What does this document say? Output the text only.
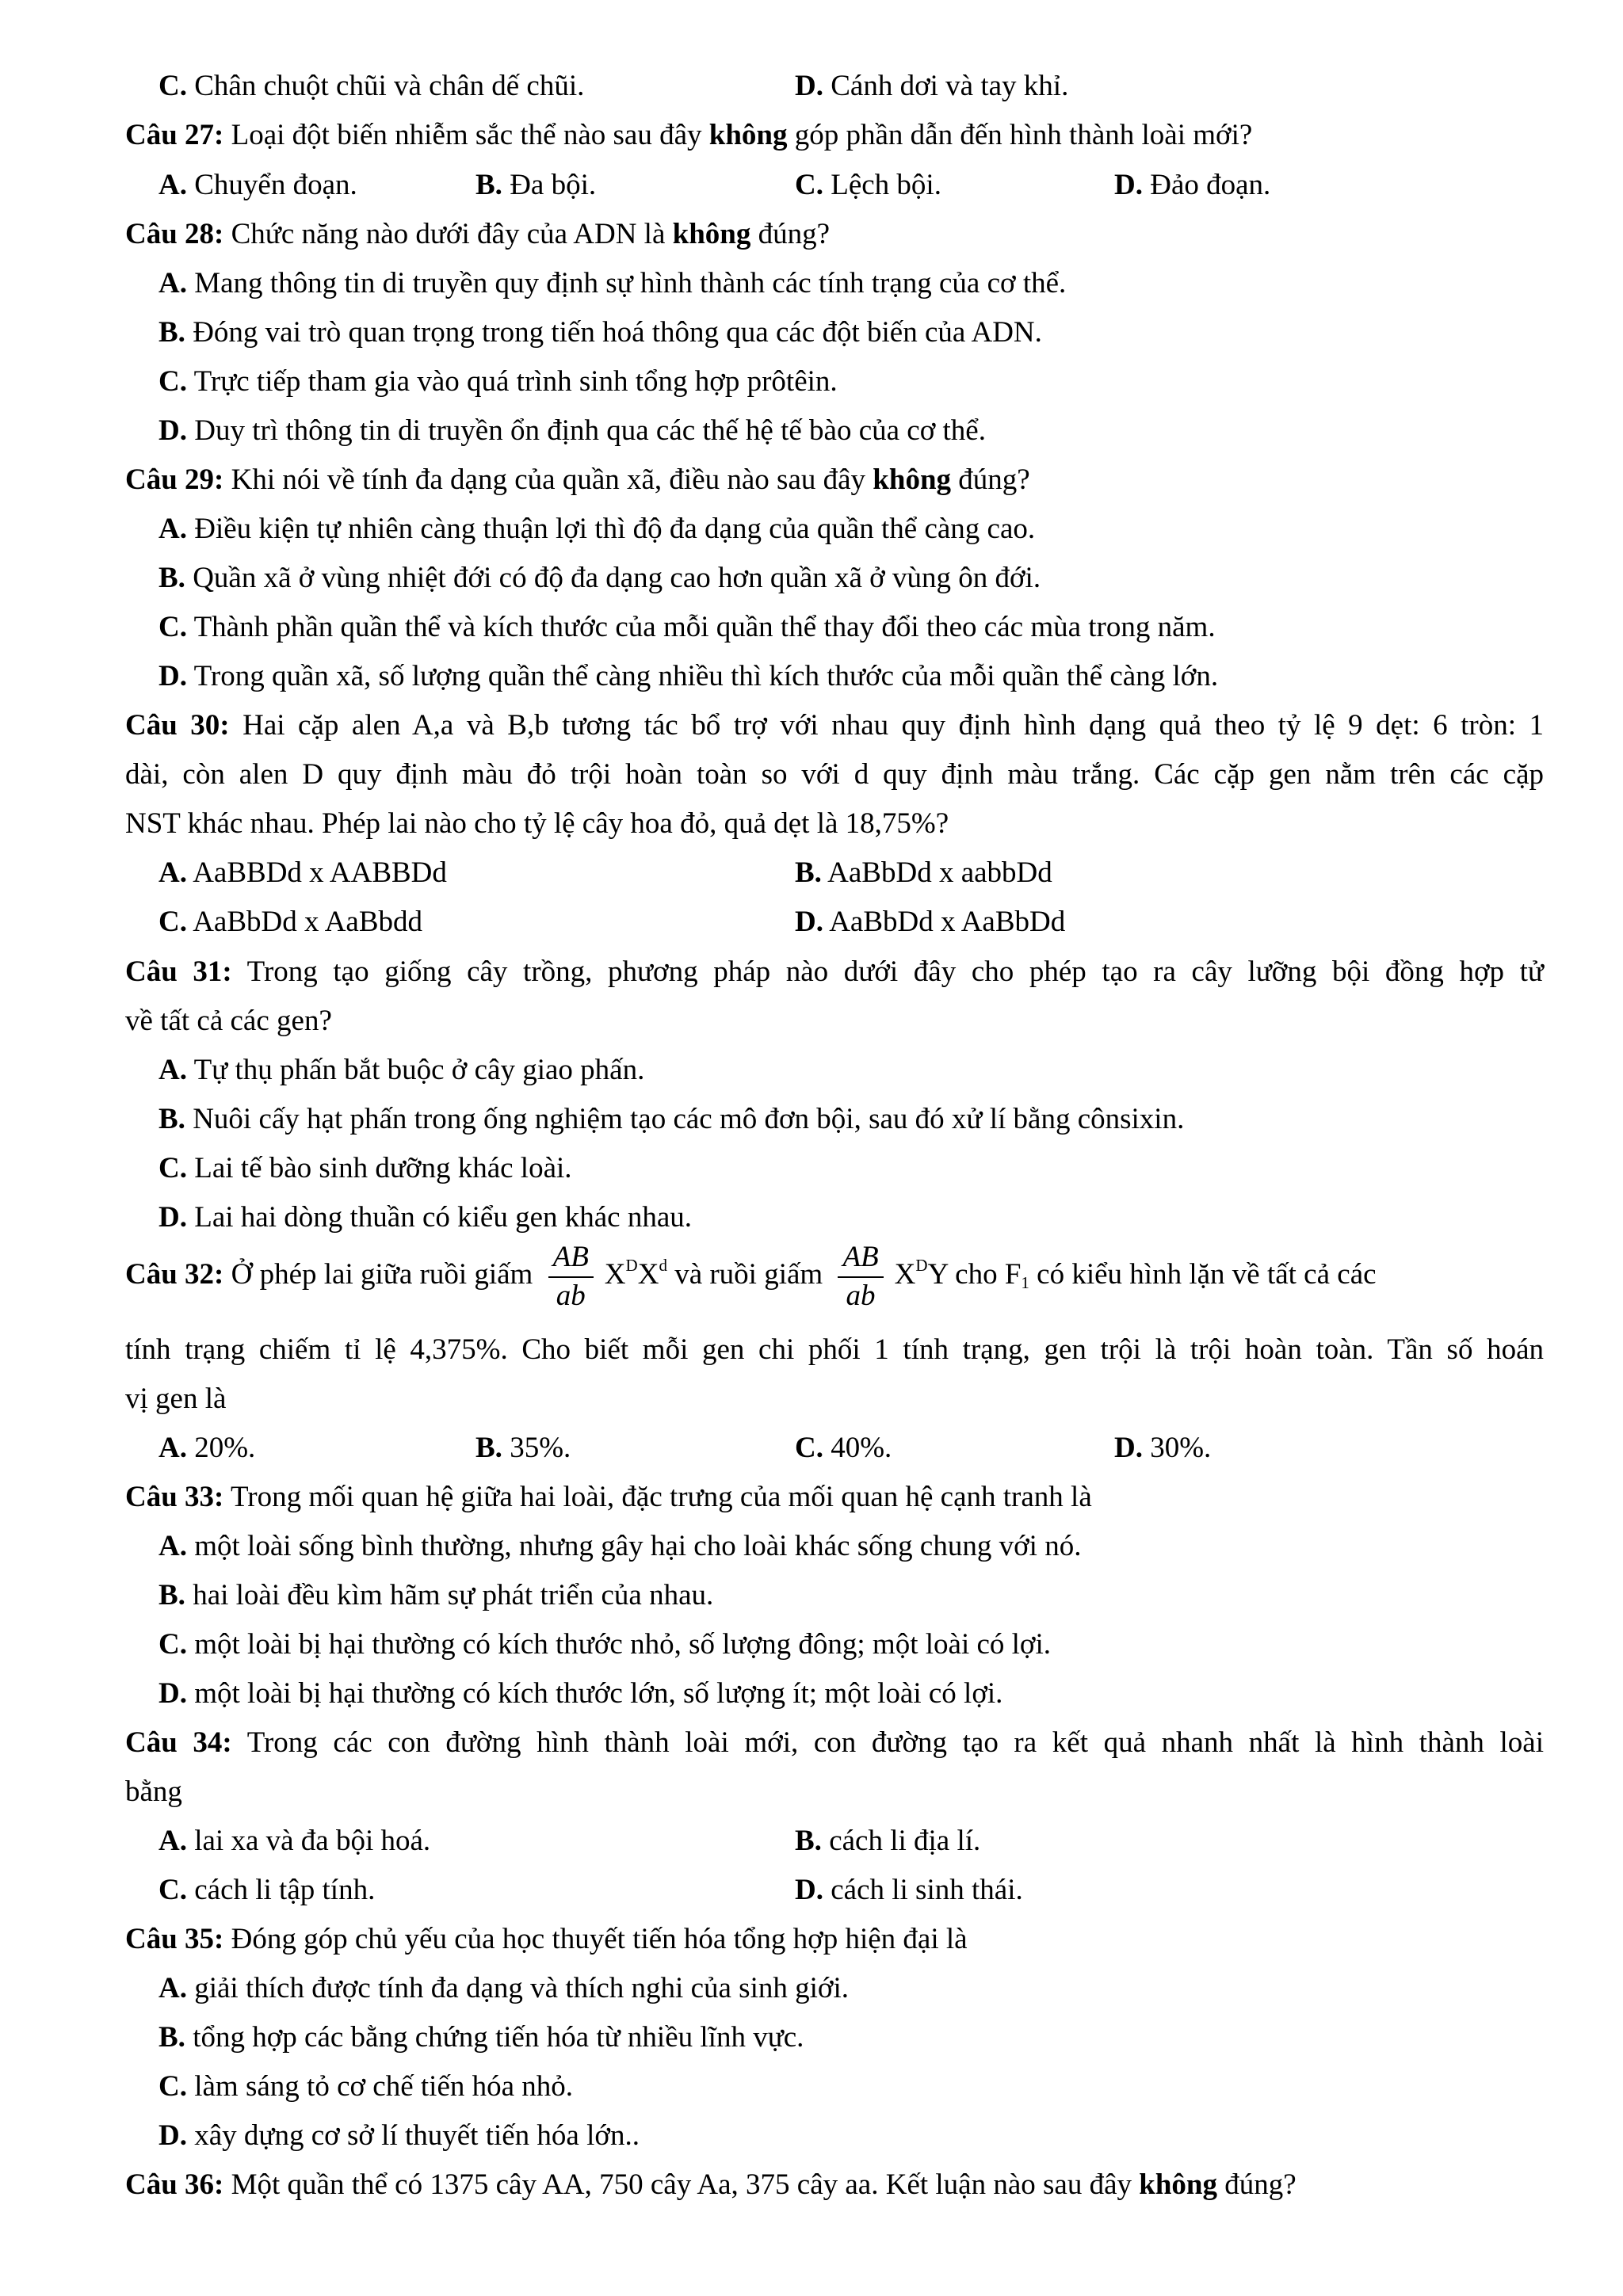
C. Chân chuột chũi và chân dế chũi.	D. Cánh dơi và tay khỉ.
Câu 27: Loại đột biến nhiễm sắc thể nào sau đây không góp phần dẫn đến hình thành loài mới?
A. Chuyển đoạn.	B. Đa bội.	C. Lệch bội.	D. Đảo đoạn.
Câu 28: Chức năng nào dưới đây của ADN là không đúng?
A. Mang thông tin di truyền quy định sự hình thành các tính trạng của cơ thể.
B. Đóng vai trò quan trọng trong tiến hoá thông qua các đột biến của ADN.
C. Trực tiếp tham gia vào quá trình sinh tổng hợp prôtêin.
D. Duy trì thông tin di truyền ổn định qua các thế hệ tế bào của cơ thể.
Câu 29: Khi nói về tính đa dạng của quần xã, điều nào sau đây không đúng?
A. Điều kiện tự nhiên càng thuận lợi thì độ đa dạng của quần thể càng cao.
B. Quần xã ở vùng nhiệt đới có độ đa dạng cao hơn quần xã ở vùng ôn đới.
C. Thành phần quần thể và kích thước của mỗi quần thể thay đổi theo các mùa trong năm.
D. Trong quần xã, số lượng quần thể càng nhiều thì kích thước của mỗi quần thể càng lớn.
Câu 30: Hai cặp alen A,a và B,b tương tác bổ trợ với nhau quy định hình dạng quả theo tỷ lệ 9 dẹt: 6 tròn: 1
dài, còn alen D quy định màu đỏ trội hoàn toàn so với d quy định màu trắng. Các cặp gen nằm trên các cặp
NST khác nhau. Phép lai nào cho tỷ lệ cây hoa đỏ, quả dẹt là 18,75%?
A. AaBBDd x AABBDd	B. AaBbDd x aabbDd
C. AaBbDd x AaBbdd	D. AaBbDd x AaBbDd
Câu 31: Trong tạo giống cây trồng, phương pháp nào dưới đây cho phép tạo ra cây lưỡng bội đồng hợp tử
về tất cả các gen?
A. Tự thụ phấn bắt buộc ở cây giao phấn.
B. Nuôi cấy hạt phấn trong ống nghiệm tạo các mô đơn bội, sau đó xử lí bằng cônsixin.
C. Lai tế bào sinh dưỡng khác loài.
D. Lai hai dòng thuần có kiểu gen khác nhau.
Câu 32: Ở phép lai giữa ruồi giấm $\frac{AB}{ab} X^DX^d$ và ruồi giấm $\frac{AB}{ab} X^DY$ cho $F_1$ có kiểu hình lặn về tất cả các
tính trạng chiếm tỉ lệ 4,375%. Cho biết mỗi gen chi phối 1 tính trạng, gen trội là trội hoàn toàn. Tần số hoán
vị gen là
A. 20%.	B. 35%.	C. 40%.	D. 30%.
Câu 33: Trong mối quan hệ giữa hai loài, đặc trưng của mối quan hệ cạnh tranh là
A. một loài sống bình thường, nhưng gây hại cho loài khác sống chung với nó.
B. hai loài đều kìm hãm sự phát triển của nhau.
C. một loài bị hại thường có kích thước nhỏ, số lượng đông; một loài có lợi.
D. một loài bị hại thường có kích thước lớn, số lượng ít; một loài có lợi.
Câu 34: Trong các con đường hình thành loài mới, con đường tạo ra kết quả nhanh nhất là hình thành loài
bằng
A. lai xa và đa bội hoá.	B. cách li địa lí.
C. cách li tập tính.	D. cách li sinh thái.
Câu 35: Đóng góp chủ yếu của học thuyết tiến hóa tổng hợp hiện đại là
A. giải thích được tính đa dạng và thích nghi của sinh giới.
B. tổng hợp các bằng chứng tiến hóa từ nhiều lĩnh vực.
C. làm sáng tỏ cơ chế tiến hóa nhỏ.
D. xây dựng cơ sở lí thuyết tiến hóa lớn..
Câu 36: Một quần thể có 1375 cây AA, 750 cây Aa, 375 cây aa. Kết luận nào sau đây không đúng?
